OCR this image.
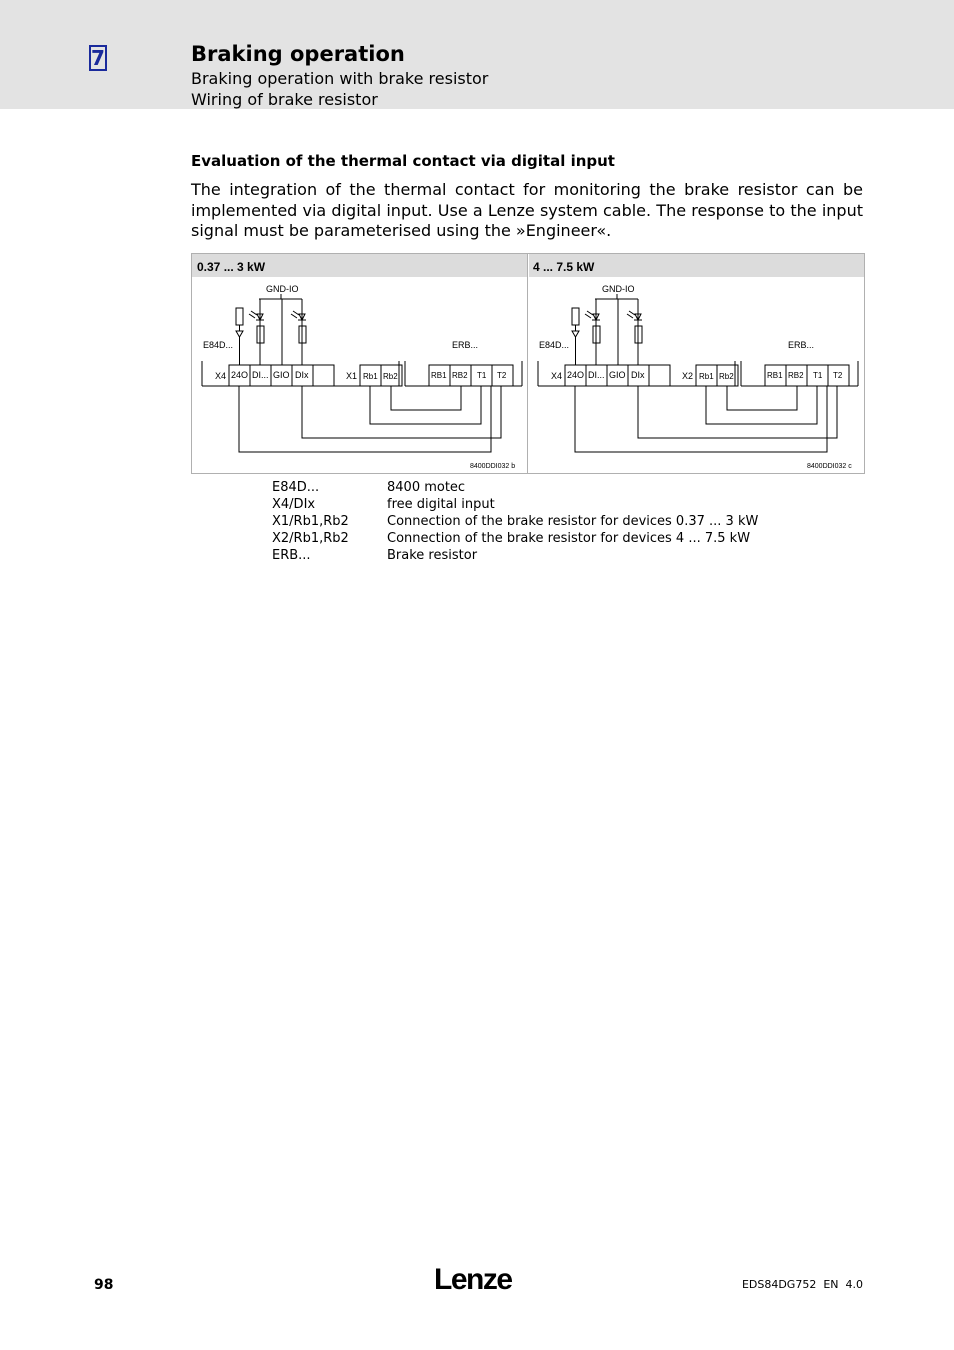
7	Braking operation
Braking operation with brake resistor
Wiring of brake resistor
Evaluation of the thermal contact via digital input

The integration of the thermal contact for monitoring the brake resistor can be implemented via digital input. Use a Lenze system cable. The response to the input signal must be parameterised using the »Engineer«.

0.37 ... 3 kW	4 ... 7.5 kW
GND-IO
E84D...	ERB...
X4 24O DI... GIO DIx	X1 Rb1 Rb2	RB1 RB2 T1 T2
8400DDI032 b
GND-IO
E84D...	ERB...
X4 24O DI... GIO DIx	X2 Rb1 Rb2	RB1 RB2 T1 T2
8400DDI032 c
E84D...	8400 motec
X4/DIx	free digital input
X1/Rb1,Rb2	Connection of the brake resistor for devices 0.37 ... 3 kW
X2/Rb1,Rb2	Connection of the brake resistor for devices 4 ... 7.5 kW
ERB...	Brake resistor
98	Lenze	EDS84DG752  EN  4.0
